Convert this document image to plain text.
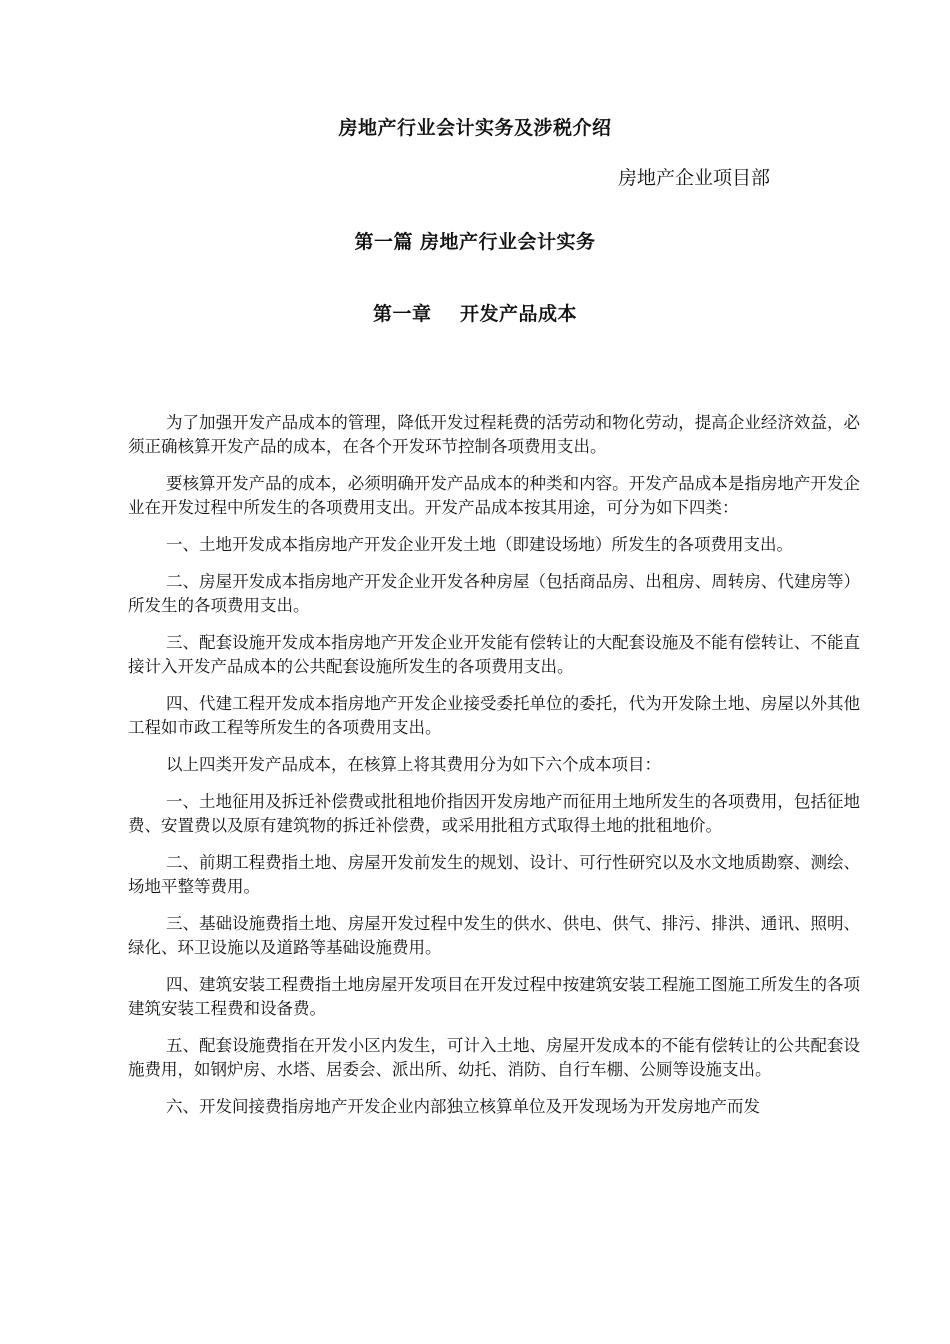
房地产行业会计实务及涉税介绍

房地产企业项目部

第一篇 房地产行业会计实务
第一章    开发产品成本

为了加强开发产品成本的管理，降低开发过程耗费的活劳动和物化劳动，提高企业经济效益，必须正确核算开发产品的成本，在各个开发环节控制各项费用支出。

要核算开发产品的成本，必须明确开发产品成本的种类和内容。开发产品成本是指房地产开发企业在开发过程中所发生的各项费用支出。开发产品成本按其用途，可分为如下四类：

一、土地开发成本指房地产开发企业开发土地（即建设场地）所发生的各项费用支出。

二、房屋开发成本指房地产开发企业开发各种房屋（包括商品房、出租房、周转房、代建房等）所发生的各项费用支出。

三、配套设施开发成本指房地产开发企业开发能有偿转让的大配套设施及不能有偿转让、不能直接计入开发产品成本的公共配套设施所发生的各项费用支出。

四、代建工程开发成本指房地产开发企业接受委托单位的委托，代为开发除土地、房屋以外其他工程如市政工程等所发生的各项费用支出。

以上四类开发产品成本，在核算上将其费用分为如下六个成本项目：

一、土地征用及拆迁补偿费或批租地价指因开发房地产而征用土地所发生的各项费用，包括征地费、安置费以及原有建筑物的拆迁补偿费，或采用批租方式取得土地的批租地价。

二、前期工程费指土地、房屋开发前发生的规划、设计、可行性研究以及水文地质勘察、测绘、场地平整等费用。

三、基础设施费指土地、房屋开发过程中发生的供水、供电、供气、排污、排洪、通讯、照明、绿化、环卫设施以及道路等基础设施费用。

四、建筑安装工程费指土地房屋开发项目在开发过程中按建筑安装工程施工图施工所发生的各项建筑安装工程费和设备费。

五、配套设施费指在开发小区内发生，可计入土地、房屋开发成本的不能有偿转让的公共配套设施费用，如钢炉房、水塔、居委会、派出所、幼托、消防、自行车棚、公厕等设施支出。

六、开发间接费指房地产开发企业内部独立核算单位及开发现场为开发房地产而发
